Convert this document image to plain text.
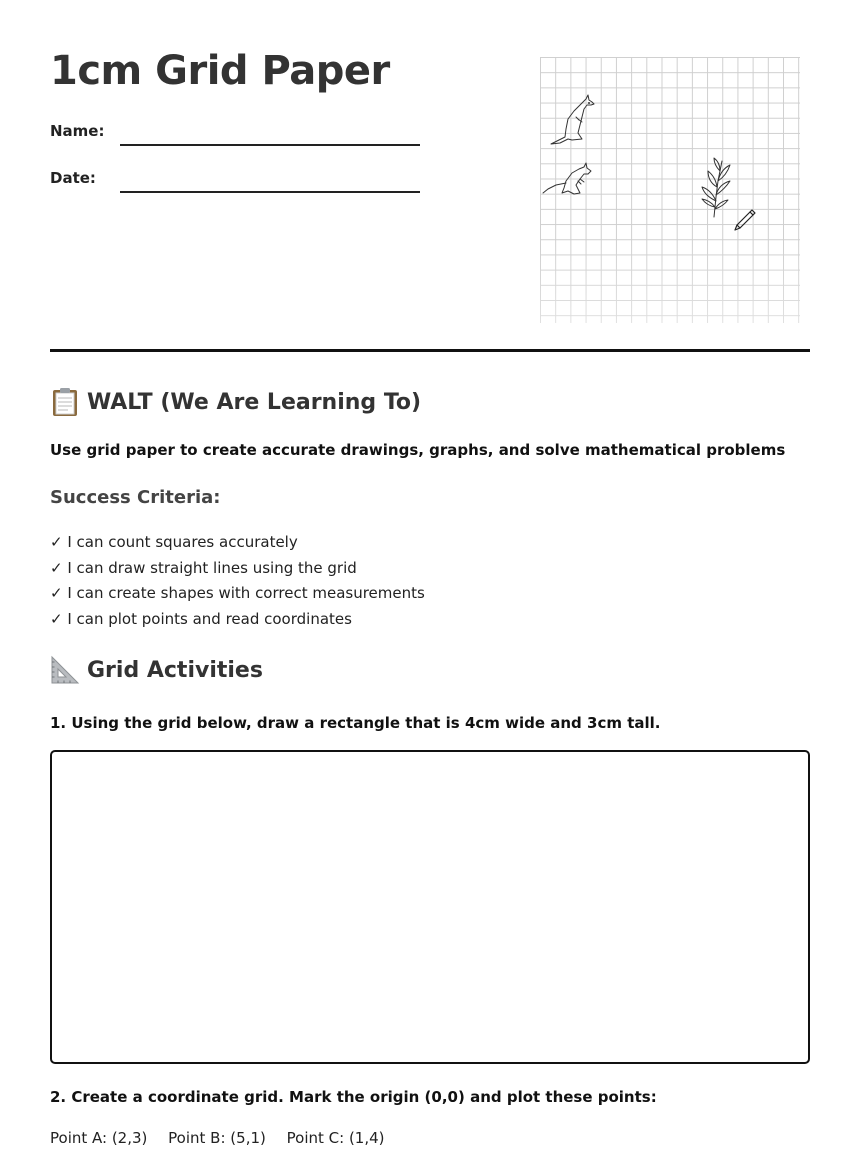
1cm Grid Paper
Name:
Date:
WALT (We Are Learning To)
Use grid paper to create accurate drawings, graphs, and solve mathematical problems
Success Criteria:
✓ I can count squares accurately
✓ I can draw straight lines using the grid
✓ I can create shapes with correct measurements
✓ I can plot points and read coordinates
Grid Activities
1. Using the grid below, draw a rectangle that is 4cm wide and 3cm tall.
2. Create a coordinate grid. Mark the origin (0,0) and plot these points:
Point A: (2,3) Point B: (5,1) Point C: (1,4)
